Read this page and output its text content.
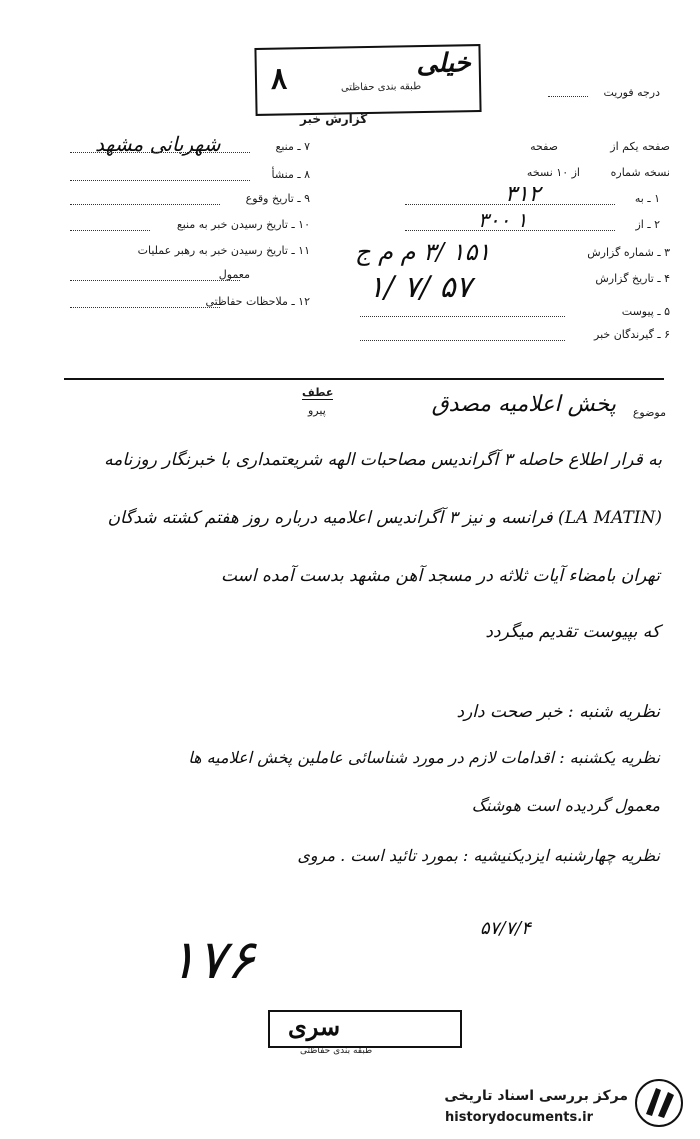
درجه فوریت
خیلی
طبقه بندی حفاظتی
۸
گزارش خبر
صفحه یکم از
صفحه
نسخه شماره
از ۱۰ نسخه
۱ ـ به
۳۱۲
۲ ـ از
۳۰۰ ۱
۳ ـ شماره گزارش
۱۵۱ /۳ م م ج
۴ ـ تاریخ گزارش
۱/ ۷/ ۵۷
۵ ـ پیوست
۶ ـ گیرندگان خبر
۷ ـ منبع
شهربانی مشهد
۸ ـ منشأ
۹ ـ تاریخ وقوع
۱۰ ـ تاریخ رسیدن خبر به منبع
۱۱ ـ تاریخ رسیدن خبر به رهبر عملیات
معمول
۱۲ ـ ملاحظات حفاظتی
عطف
پیرو	موضوع
پخش اعلامیه مصدق
به قرار اطلاع حاصله ۳ آگراندیس مصاحبات الهه شریعتمداری با خبرنگار روزنامه
(LA MATIN) فرانسه و نیز ۳ آگراندیس اعلامیه درباره روز هفتم کشته شدگان
تهران بامضاء آیات ثلاثه در مسجد آهن مشهد بدست آمده است
که بپیوست تقدیم میگردد
نظریه شنبه : خبر صحت دارد
نظریه یکشنبه : اقدامات لازم در مورد شناسائی عاملین پخش اعلامیه ها
معمول گردیده است هوشنگ
نظریه چهارشنبه ایزدیکنیشیه : بمورد تائید است . مروی
۵۷/۷/۴
۱۷۶
سری
طبقه بندی حفاظتی
مرکز بررسی اسناد تاریخی
historydocuments.ir
